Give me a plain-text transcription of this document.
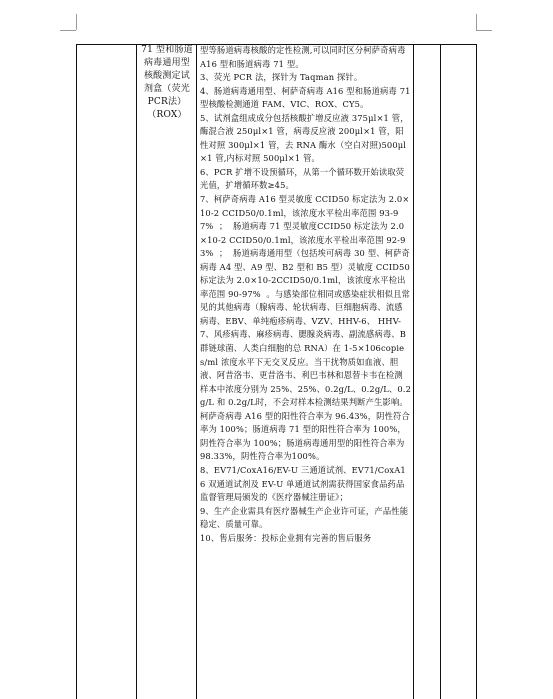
71 型和肠道病毒通用型核酸测定试剂盒（荧光PCR法）（ROX）

型等肠道病毒核酸的定性检测,可以同时区分柯萨奇病毒 A16 型和肠道病毒 71 型。

3、荧光 PCR 法，探针为 Taqman 探针。

4、肠道病毒通用型、柯萨奇病毒 A16 型和肠道病毒 71 型核酸检测通道 FAM、VIC、ROX、CY5。

5、试剂盒组成成分包括核酸扩增反应液 375μl×1 管，酶混合液 250μl×1 管，病毒反应液 200μl×1 管，阳性对照 300μl×1 管，去 RNA 酶水（空白对照)500μl×1 管,内标对照 500μl×1 管。

6、PCR 扩增不设预循环，从第一个循环数开始读取荧光值，扩增循环数≥45。

7、柯萨奇病毒 A16 型灵敏度 CCID50 标定法为 2.0×10-2 CCID50/0.1ml，该浓度水平检出率范围 93-97%  ；  肠道病毒 71 型灵敏度CCID50 标定法为 2.0×10-2 CCID50/0.1ml，该浓度水平检出率范围 92-93%  ；  肠道病毒通用型（包括埃可病毒 30 型、柯萨奇病毒 A4 型、A9 型、B2 型和 B5 型）灵敏度 CCID50标定法为 2.0×10-2CCID50/0.1ml，该浓度水平检出率范围 90-97%  。与感染部位相同或感染症状相似且常见的其他病毒（腺病毒、轮状病毒、巨细胞病毒、流感病毒、EBV、单纯疱疹病毒、VZV、HHV-6、 HHV-7、风疹病毒、麻疹病毒、腮腺炎病毒、副流感病毒、B群链球菌、人类白细胞的总 RNA）在 1-5×106copies/ml 浓度水平下无交叉反应。当干扰物质如血液、胆液、阿昔洛韦、更昔洛韦、利巴韦林和恩替卡韦在检测样本中浓度分别为 25%、25%、0.2g/L、0.2g/L、0.2g/L 和 0.2g/L时，不会对样本检测结果判断产生影响。柯萨奇病毒 A16 型的阳性符合率为 96.43%，阴性符合率为 100%；肠道病毒 71 型的阳性符合率为 100%，阴性符合率为 100%；肠道病毒通用型的阳性符合率为 98.33%，阴性符合率为100%。

8、EV71/CoxA16/EV-U 三通道试剂、EV71/CoxA16 双通道试剂及 EV-U 单通道试剂需获得国家食品药品监督管理局颁发的《医疗器械注册证》；

9、生产企业需具有医疗器械生产企业许可证，产品性能稳定、质量可靠。

10、售后服务：投标企业拥有完善的售后服务
